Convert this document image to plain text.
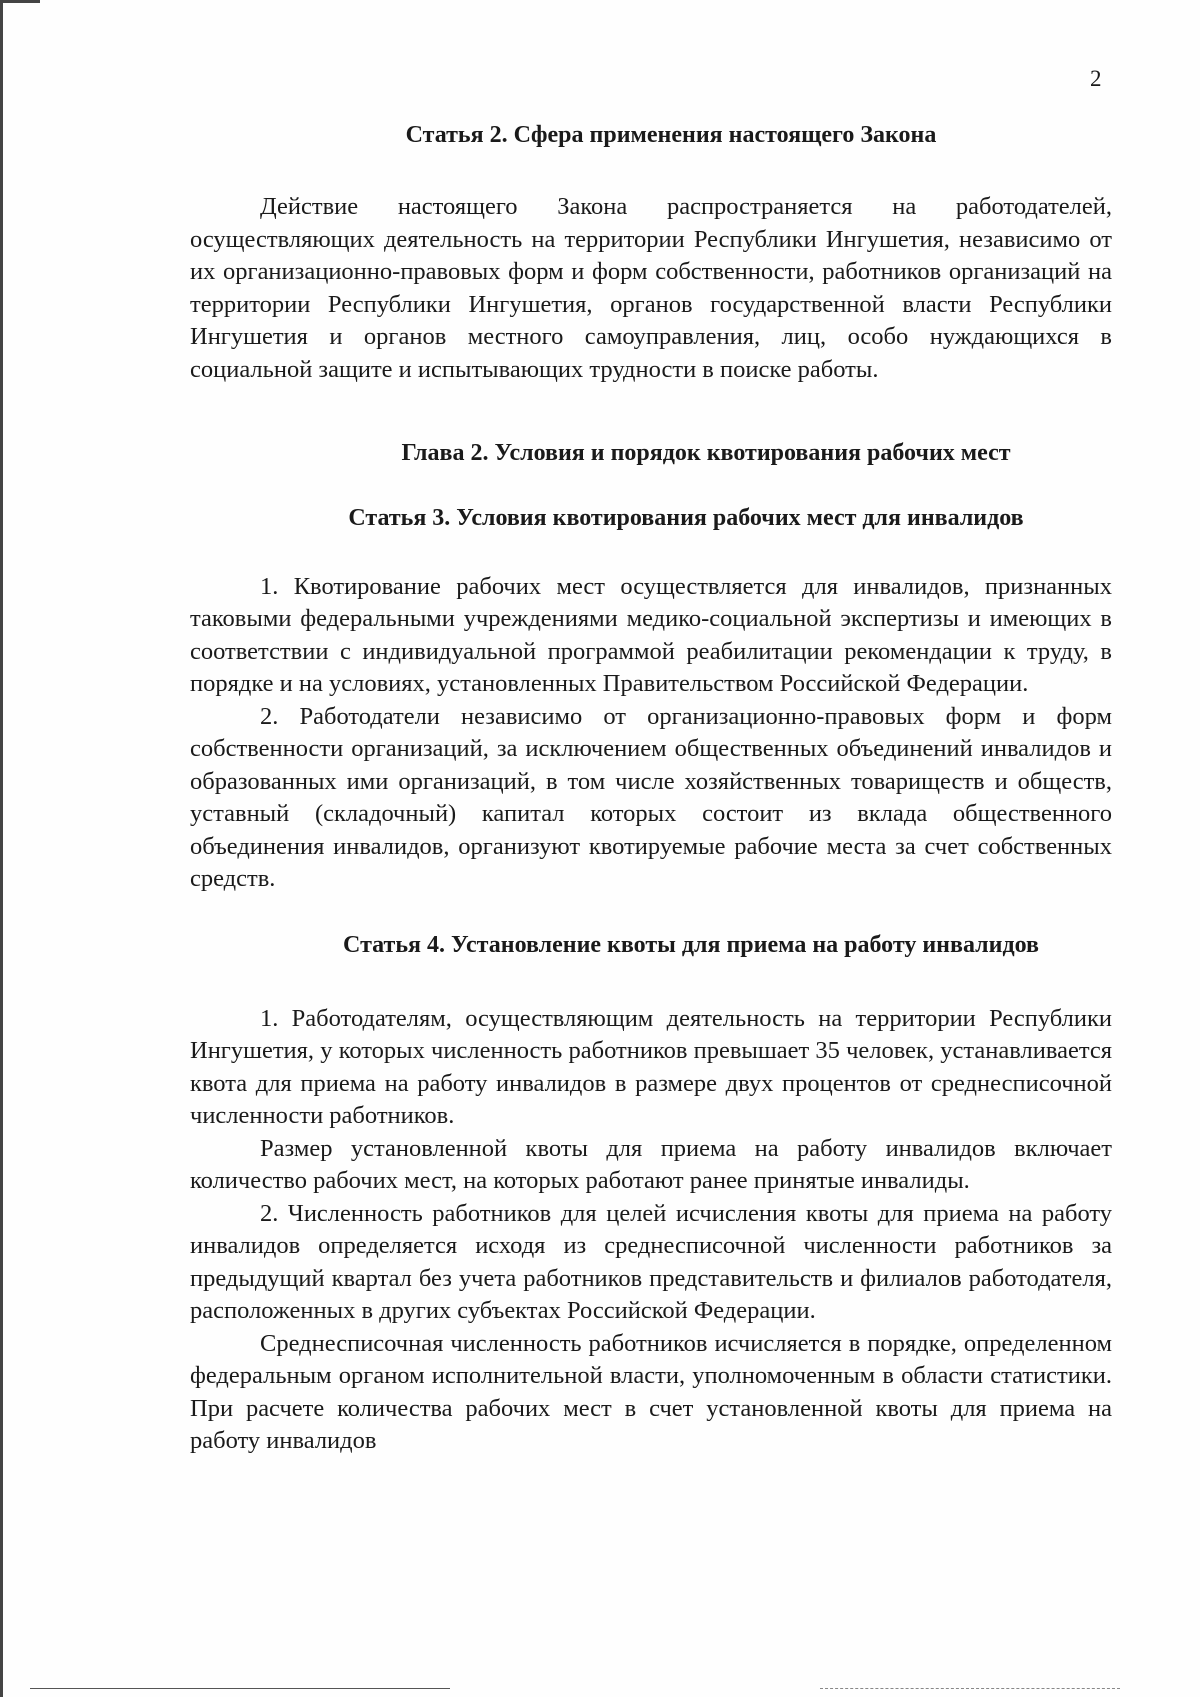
2
Статья 2. Сфера применения настоящего Закона

Действие настоящего Закона распространяется на работодателей, осуществляющих деятельность на территории Республики Ингушетия, независимо от их организационно-правовых форм и форм собственности, работников организаций на территории Республики Ингушетия, органов государственной власти Республики Ингушетия и органов местного самоуправления, лиц, особо нуждающихся в социальной защите и испытывающих трудности в поиске работы.

Глава 2. Условия и порядок квотирования рабочих мест
Статья 3. Условия квотирования рабочих мест для инвалидов

1. Квотирование рабочих мест осуществляется для инвалидов, признанных таковыми федеральными учреждениями медико-социальной экспертизы и имеющих в соответствии с индивидуальной программой реабилитации рекомендации к труду, в порядке и на условиях, установленных Правительством Российской Федерации.

2. Работодатели независимо от организационно-правовых форм и форм собственности организаций, за исключением общественных объединений инвалидов и образованных ими организаций, в том числе хозяйственных товариществ и обществ, уставный (складочный) капитал которых состоит из вклада общественного объединения инвалидов, организуют квотируемые рабочие места за счет собственных средств.

Статья 4. Установление квоты для приема на работу инвалидов

1. Работодателям, осуществляющим деятельность на территории Республики Ингушетия, у которых численность работников превышает 35 человек, устанавливается квота для приема на работу инвалидов в размере двух процентов от среднесписочной численности работников.

Размер установленной квоты для приема на работу инвалидов включает количество рабочих мест, на которых работают ранее принятые инвалиды.

2. Численность работников для целей исчисления квоты для приема на работу инвалидов определяется исходя из среднесписочной численности работников за предыдущий квартал без учета работников представительств и филиалов работодателя, расположенных в других субъектах Российской Федерации.

Среднесписочная численность работников исчисляется в порядке, определенном федеральным органом исполнительной власти, уполномоченным в области статистики. При расчете количества рабочих мест в счет установленной квоты для приема на работу инвалидов
